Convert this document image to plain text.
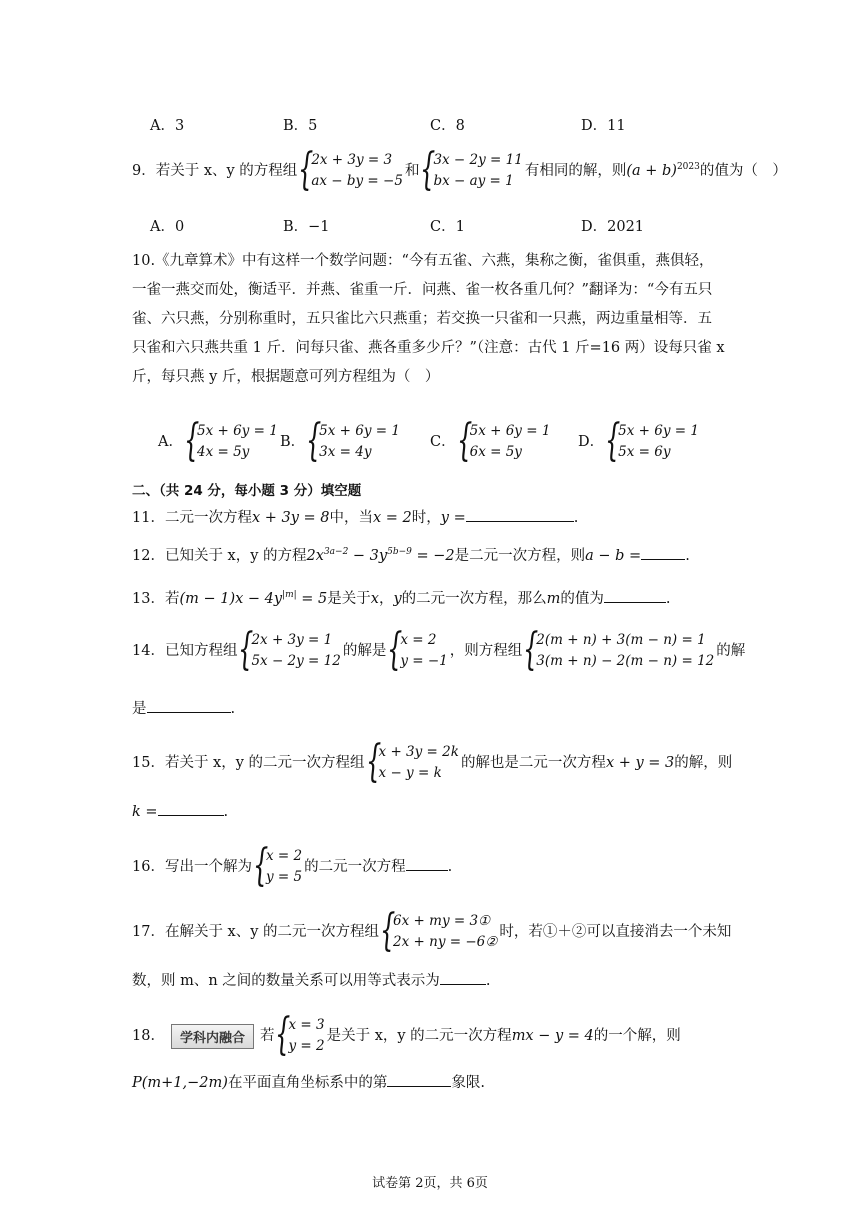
A．3	B．5	C．8	D．11
9．若关于 x、y 的方程组
{ 2x + 3y = 3
ax − by = −5
和
{ 3x − 2y = 11
bx − ay = 1
有相同的解，则$(a + b)^{2023}$的值为（　）
A．0	B．−1	C．1	D．2021
10.《九章算术》中有这样一个数学问题：“今有五雀、六燕，集称之衡，雀俱重，燕俱轻，
一雀一燕交而处，衡适平．并燕、雀重一斤．问燕、雀一枚各重几何？”翻译为：“今有五只
雀、六只燕，分别称重时，五只雀比六只燕重；若交换一只雀和一只燕，两边重量相等．五
只雀和六只燕共重 1 斤．问每只雀、燕各重多少斤？”（注意：古代 1 斤=16 两）设每只雀 x
斤，每只燕 y 斤，根据题意可列方程组为（　）
A．
{ 5x + 6y = 1
4x = 5y
B．
{ 5x + 6y = 1
3x = 4y
C．
{ 5x + 6y = 1
6x = 5y
D．
{ 5x + 6y = 1
5x = 6y
二、（共 24 分，每小题 3 分）填空题
11．二元一次方程x + 3y = 8中，当x = 2时，y =	.
12．已知关于 x，y 的方程$2x^{3a-2} - 3y^{5b-9} = -2$是二元一次方程，则a − b =	.
13．若$(m - 1)x - 4y^{|m|} = 5$是关于x，y的二元一次方程，那么m的值为	.
14．已知方程组
{ 2x + 3y = 1
5x − 2y = 12
的解是
{ x = 2
y = −1
，则方程组
{ 2(m + n) + 3(m − n) = 1
3(m + n) − 2(m − n) = 12
的解
是	.
15．若关于 x，y 的二元一次方程组
{ x + 3y = 2k
x − y = k
的解也是二元一次方程x + y = 3的解，则
k =	.
16．写出一个解为
{ x = 2
y = 5
的二元一次方程	.
17．在解关于 x、y 的二元一次方程组
{ 6x + my = 3①
2x + ny = −6②
时，若①＋②可以直接消去一个未知
数，则 m、n 之间的数量关系可以用等式表示为	.
18． 学科内融合 若
{ x = 3
y = 2
是关于 x，y 的二元一次方程mx − y = 4的一个解，则
P(m+1,−2m)在平面直角坐标系中的第	象限.
试卷第 2页，共 6页
